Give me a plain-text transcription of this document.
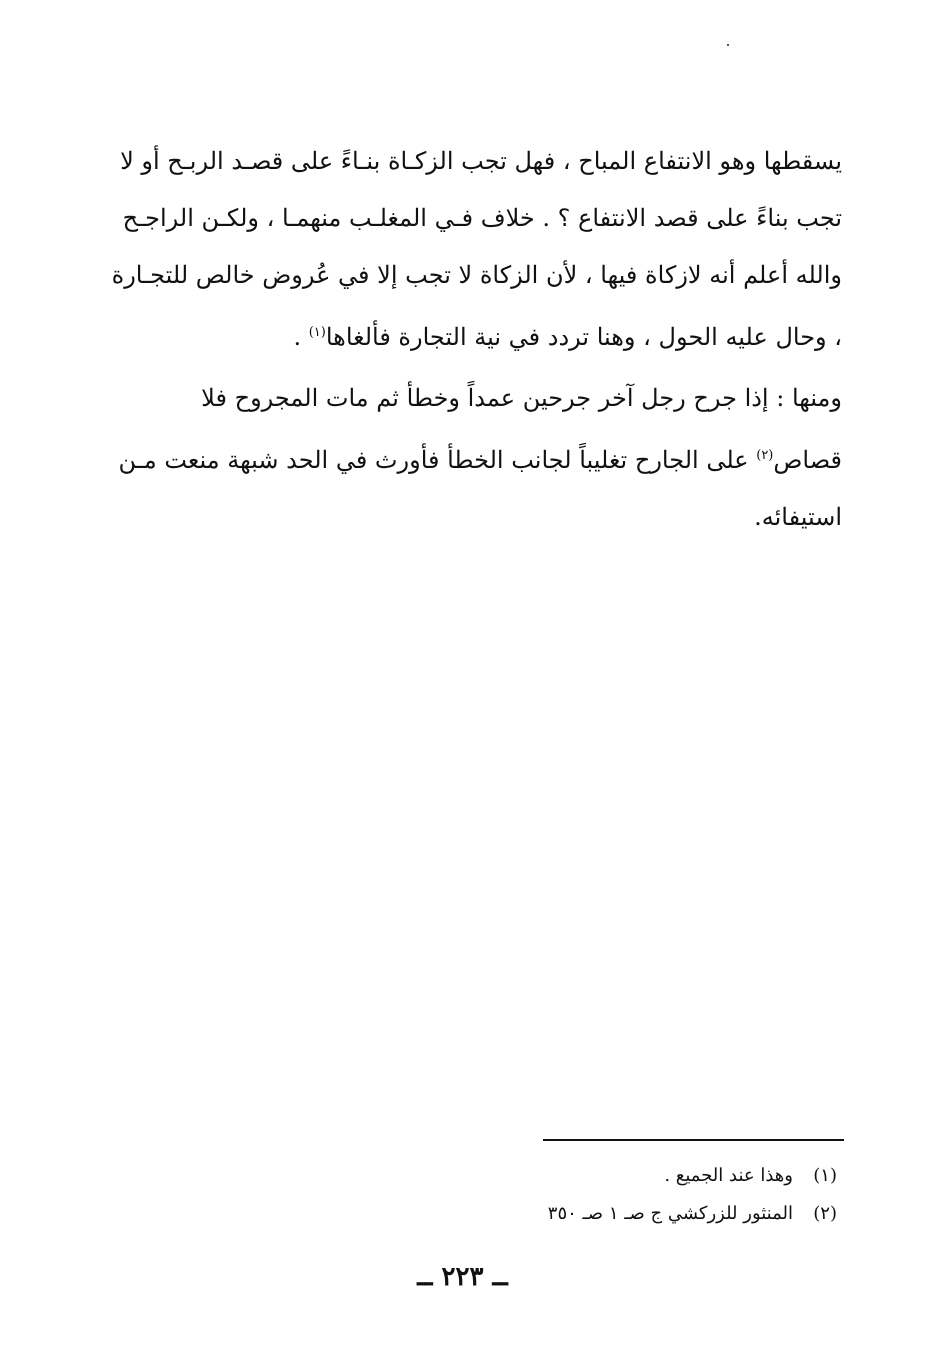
يسقطها وهو الانتفاع المباح ، فهل تجب الزكـاة بنـاءً على قصـد الربـح أو لا
تجب بناءً على قصد الانتفاع ؟ . خلاف فـي المغلـب منهمـا ، ولكـن الراجـح
والله أعلم أنه لازكاة فيها ، لأن الزكاة لا تجب إلا في عُروض خالص للتجـارة
، وحال عليه الحول ، وهنا تردد في نية التجارة فألغاها$^{(١)}$ .

ومنها : إذا جرح رجل آخر جرحين عمداً وخطأ ثم مات المجروح فلا
قصاص$^{(٢)}$ على الجارح تغليباً لجانب الخطأ فأورث في الحد شبهة منعت مـن
استيفائه.

(١)
وهذا عند الجميع .
(٢)
المنثور للزركشي ج صـ ١ صـ ٣٥٠
ــ ٢٢٣ ــ
